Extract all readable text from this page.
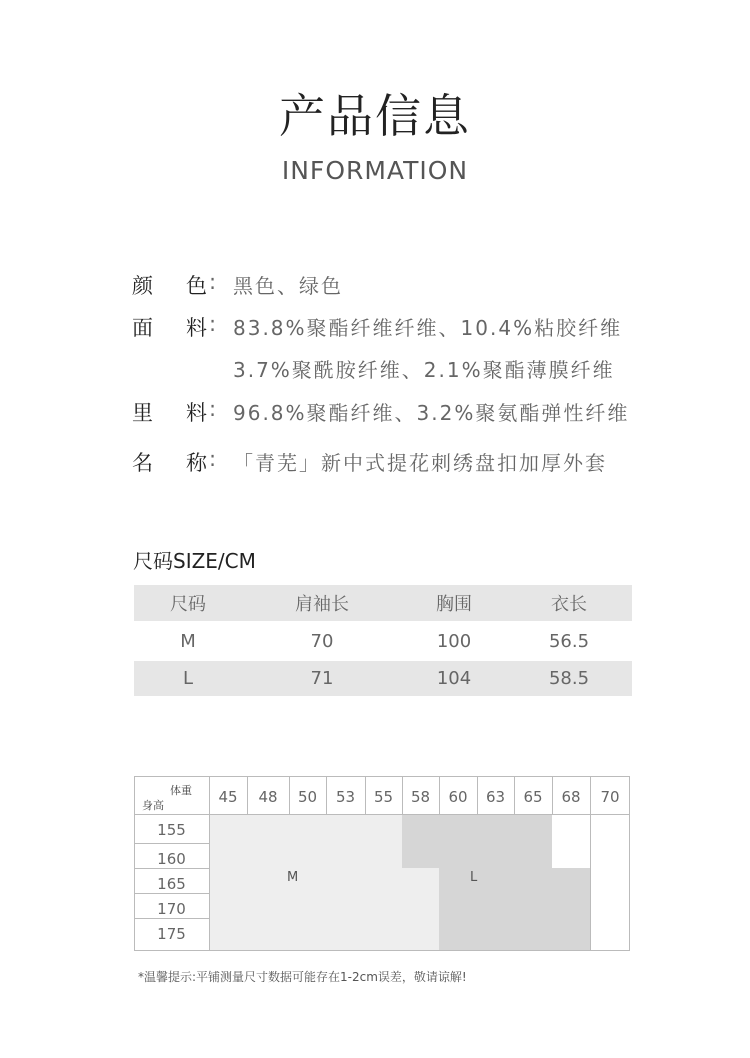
产品信息
INFORMATION
颜 色 : 黑色、绿色
面 料 : 83.8%聚酯纤维纤维、10.4%粘胶纤维
3.7%聚酰胺纤维、2.1%聚酯薄膜纤维
里 料 : 96.8%聚酯纤维、3.2%聚氨酯弹性纤维
名 称 : 「青芜」新中式提花刺绣盘扣加厚外套
尺码SIZE/CM
尺码	肩袖长	胸围	衣长
M	70	100	56.5
L	71	104	58.5
M	L
体重
身高	45	48	50	53	55	58	60	63	65	68	70
155
160
165
170
175
*温馨提示:平铺测量尺寸数据可能存在1-2cm误差，敬请谅解!
